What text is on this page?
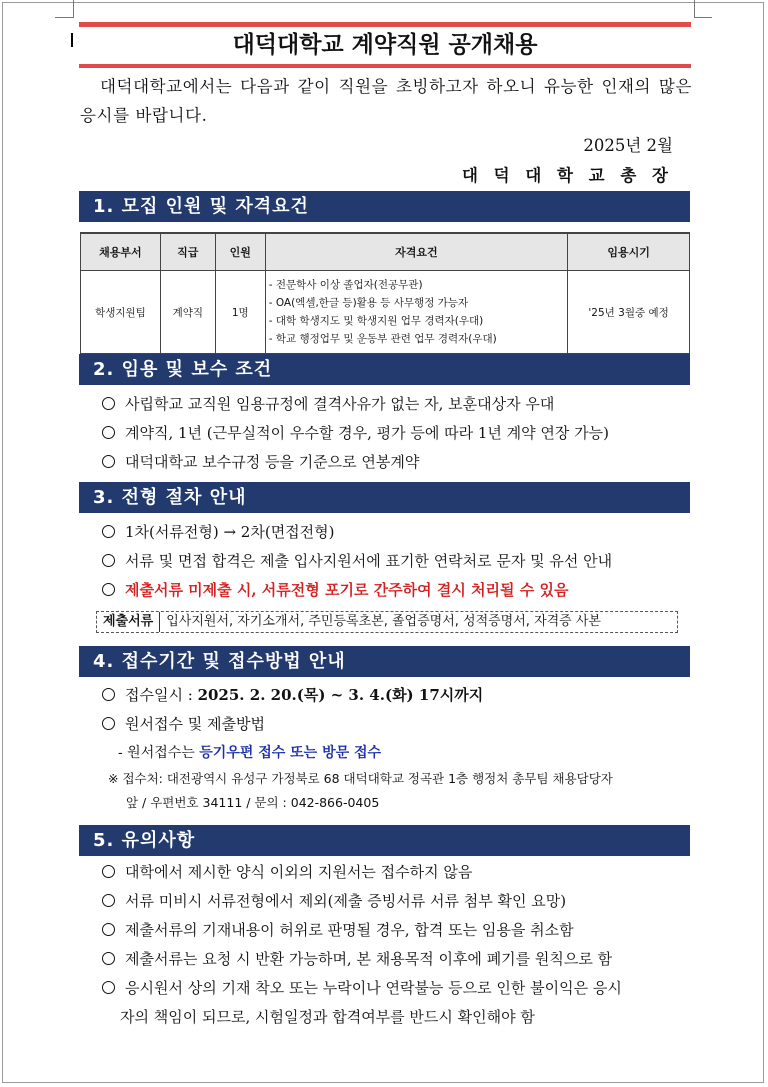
대덕대학교 계약직원 공개채용
대덕대학교에서는 다음과 같이 직원을 초빙하고자 하오니 유능한 인재의 많은 응시를 바랍니다.
2025년 2월
대 덕 대 학 교 총 장
1. 모집 인원 및 자격요건
채용부서	직급	인원	자격요건	임용시기
학생지원팀	계약직	1명	- 전문학사 이상 졸업자(전공무관)
- OA(엑셀,한글 등)활용 등 사무행정 가능자
- 대학 학생지도 및 학생지원 업무 경력자(우대)
- 학교 행정업무 및 운동부 관련 업무 경력자(우대)	'25년 3월중 예정
2. 임용 및 보수 조건
사립학교 교직원 임용규정에 결격사유가 없는 자, 보훈대상자 우대
계약직, 1년 (근무실적이 우수할 경우, 평가 등에 따라 1년 계약 연장 가능)
대덕대학교 보수규정 등을 기준으로 연봉계약
3. 전형 절차 안내
1차(서류전형) → 2차(면접전형)
서류 및 면접 합격은 제출 입사지원서에 표기한 연락처로 문자 및 유선 안내
제출서류 미제출 시, 서류전형 포기로 간주하여 결시 처리될 수 있음
제출서류 입사지원서, 자기소개서, 주민등록초본, 졸업증명서, 성적증명서, 자격증 사본
4. 접수기간 및 접수방법 안내
접수일시 : 2025. 2. 20.(목) ~ 3. 4.(화) 17시까지
원서접수 및 제출방법
- 원서접수는 등기우편 접수 또는 방문 접수
※ 접수처: 대전광역시 유성구 가정북로 68 대덕대학교 정곡관 1층 행정처 총무팀 채용담당자
앞 / 우편번호 34111 / 문의 : 042-866-0405
5. 유의사항
대학에서 제시한 양식 이외의 지원서는 접수하지 않음
서류 미비시 서류전형에서 제외(제출 증빙서류 서류 첨부 확인 요망)
제출서류의 기재내용이 허위로 판명될 경우, 합격 또는 임용을 취소함
제출서류는 요청 시 반환 가능하며, 본 채용목적 이후에 폐기를 원칙으로 함
응시원서 상의 기재 착오 또는 누락이나 연락불능 등으로 인한 불이익은 응시
자의 책임이 되므로, 시험일정과 합격여부를 반드시 확인해야 함
